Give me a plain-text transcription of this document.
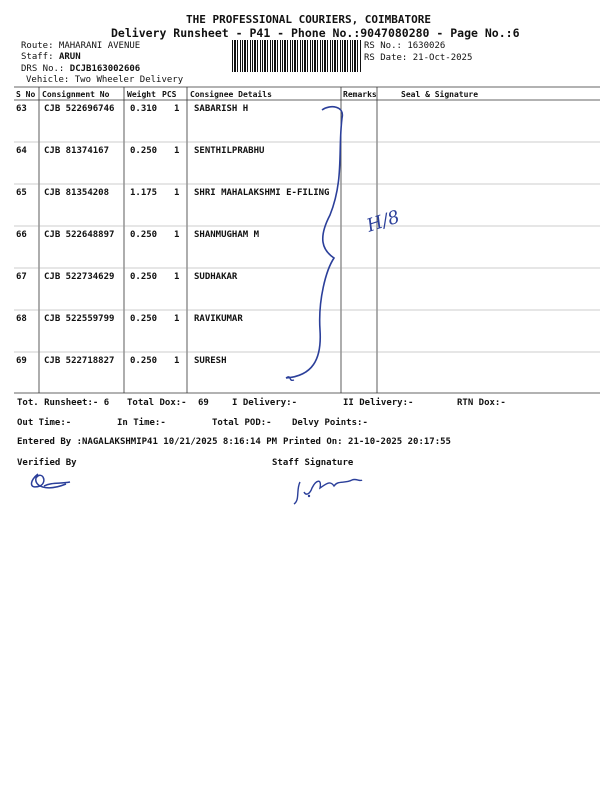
THE PROFESSIONAL COURIERS, COIMBATORE
Delivery Runsheet - P41 - Phone No.:9047080280 - Page No.:6
Route: MAHARANI AVENUE
Staff: ARUN
DRS No.: DCJB163002606
Vehicle: Two Wheeler Delivery
RS No.: 1630026
RS Date: 21-Oct-2025
S No Consignment No Weight PCS Consignee Details	Remarks	Seal & Signature
63 CJB 522696746 0.310 1 SABARISH H
64 CJB 81374167 0.250 1 SENTHILPRABHU
65 CJB 81354208 1.175 1 SHRI MAHALAKSHMI E-FILING
66 CJB 522648897 0.250 1 SHANMUGHAM M
67 CJB 522734629 0.250 1 SUDHAKAR
68 CJB 522559799 0.250 1 RAVIKUMAR
69 CJB 522718827 0.250 1 SURESH
Tot. Runsheet:- 6 Total Dox:- 69	I Delivery:-	II Delivery:-	RTN Dox:-
Out Time:-	In Time:-	Total POD:- Delvy Points:-
Entered By :NAGALAKSHMIP41 10/21/2025 8:16:14 PM Printed On: 21-10-2025 20:17:55
Verified By	Staff Signature
H/8
